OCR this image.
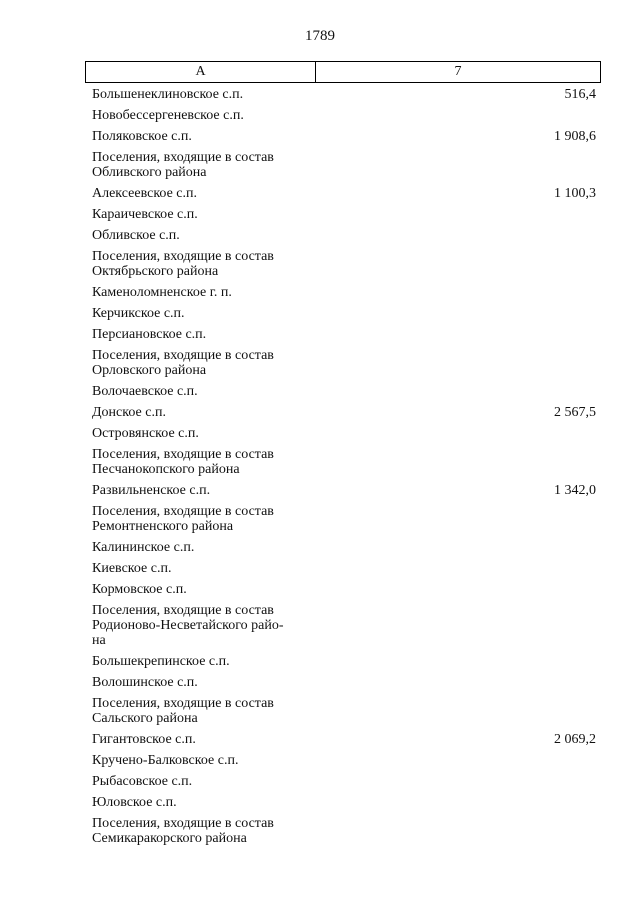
1789
А	7
Большенеклиновское с.п.	516,4
Новобессергеневское с.п.
Поляковское с.п.	1 908,6
Поселения, входящие в состав
Обливского района
Алексеевское с.п.	1 100,3
Караичевское с.п.
Обливское с.п.
Поселения, входящие в состав
Октябрьского района
Каменоломненское г. п.
Керчикское с.п.
Персиановское с.п.
Поселения, входящие в состав
Орловского района
Волочаевское с.п.
Донское с.п.	2 567,5
Островянское с.п.
Поселения, входящие в состав
Песчанокопского района
Развильненское с.п.	1 342,0
Поселения, входящие в состав
Ремонтненского района
Калининское с.п.
Киевское с.п.
Кормовское с.п.
Поселения, входящие в состав
Родионово-Несветайского райо-
на
Большекрепинское с.п.
Волошинское с.п.
Поселения, входящие в состав
Сальского района
Гигантовское с.п.	2 069,2
Кручено-Балковское с.п.
Рыбасовское с.п.
Юловское с.п.
Поселения, входящие в состав
Семикаракорского района
